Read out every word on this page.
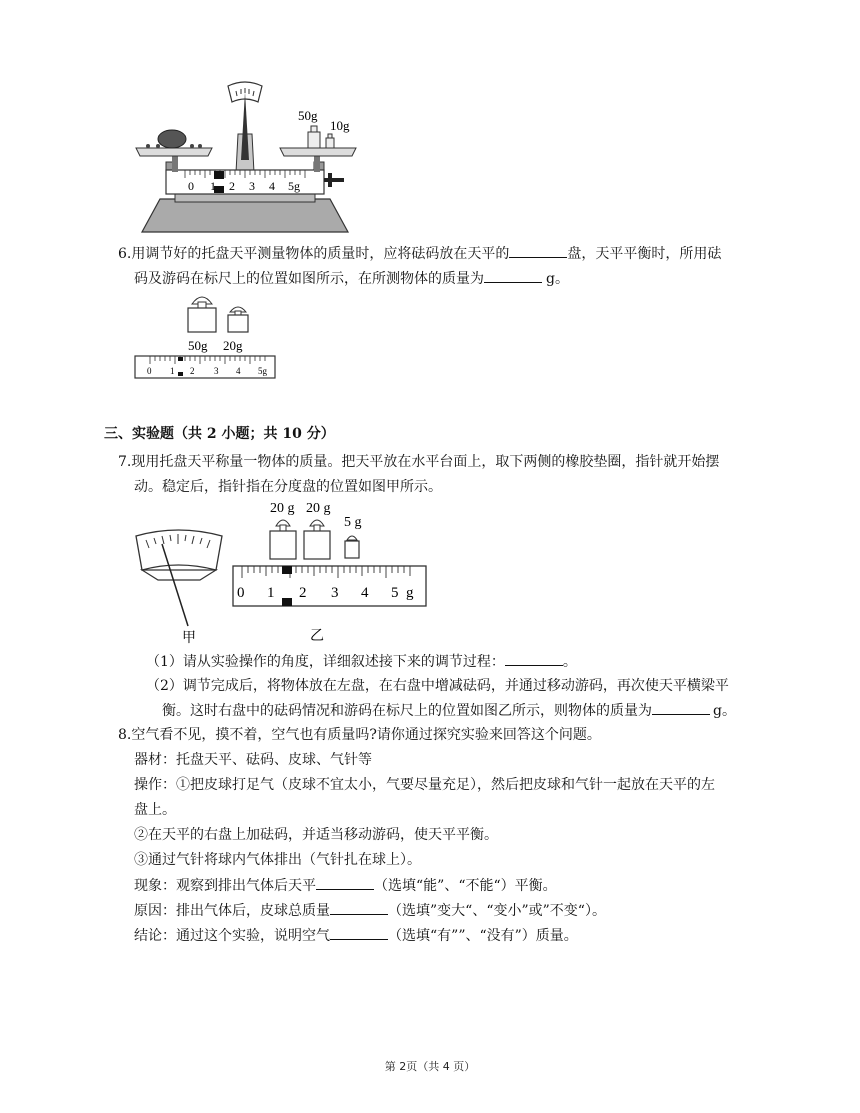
0 1 2 3 4 5g
50g
10g
6.用调节好的托盘天平测量物体的质量时，应将砝码放在天平的	盘，天平平衡时，所用砝
码及游码在标尺上的位置如图所示，在所测物体的质量为	g。
50g 20g
0 1 2 3 4 5g
三、实验题（共 2 小题；共 10 分）
7.现用托盘天平称量一物体的质量。把天平放在水平台面上，取下两侧的橡胶垫圈，指针就开始摆
动。稳定后，指针指在分度盘的位置如图甲所示。
甲
20 g 20 g
5 g
0 1 2 3 4 5 g
乙
（1）请从实验操作的角度，详细叙述接下来的调节过程：	。
（2）调节完成后，将物体放在左盘，在右盘中增减砝码，并通过移动游码，再次使天平横梁平
衡。这时右盘中的砝码情况和游码在标尺上的位置如图乙所示，则物体的质量为	g。
8.空气看不见，摸不着，空气也有质量吗?请你通过探究实验来回答这个问题。
器材：托盘天平、砝码、皮球、气针等
操作：①把皮球打足气（皮球不宜太小，气要尽量充足），然后把皮球和气针一起放在天平的左
盘上。
②在天平的右盘上加砝码，并适当移动游码，使天平平衡。
③通过气针将球内气体排出（气针扎在球上）。
现象：观察到排出气体后天平	（选填“能”、“不能“）平衡。
原因：排出气体后，皮球总质量	（选填”变大“、“变小”或”不变“）。
结论：通过这个实验，说明空气	（选填“有””、“没有”）质量。
第 2页（共 4 页）
